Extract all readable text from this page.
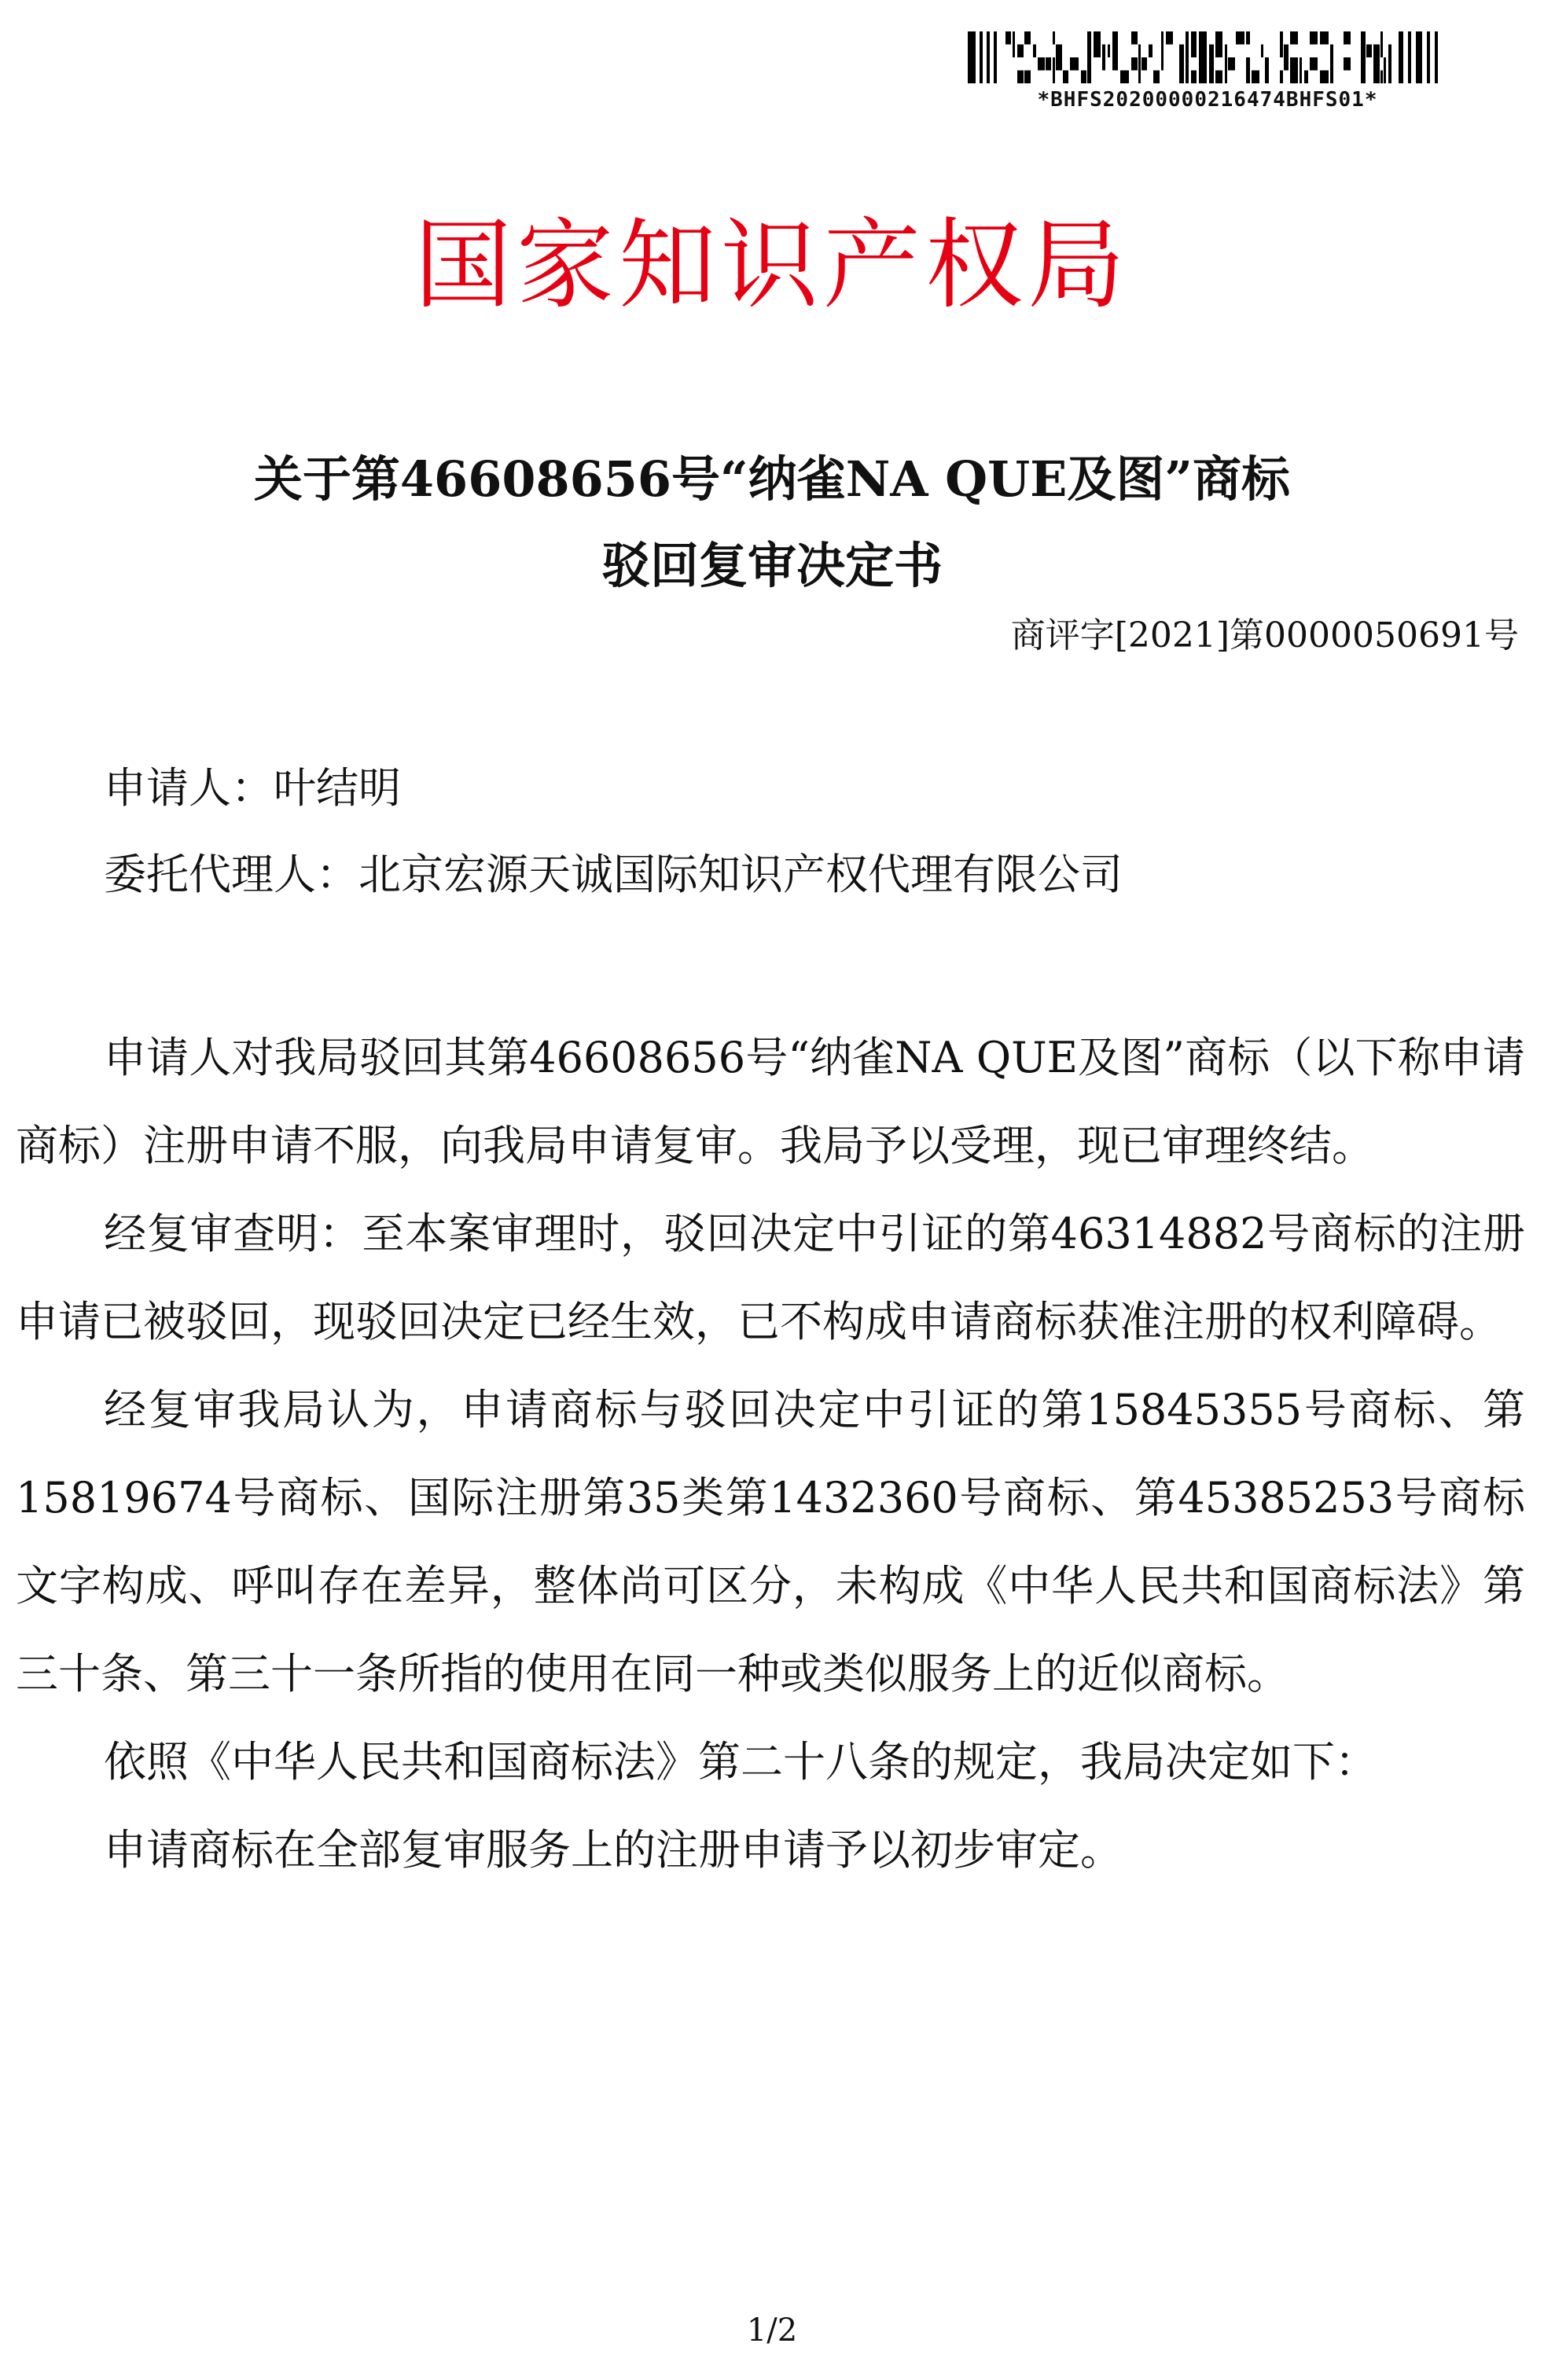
*BHFS20200000216474BHFS01*
国家知识产权局
关于第46608656号“纳雀NA QUE及图”商标
驳回复审决定书
商评字[2021]第0000050691号
申请人：叶结明
委托代理人：北京宏源天诚国际知识产权代理有限公司

申请人对我局驳回其第46608656号“纳雀NA QUE及图”商标（以下称申请商标）注册申请不服，向我局申请复审。我局予以受理，现已审理终结。

经复审查明：至本案审理时，驳回决定中引证的第46314882号商标的注册申请已被驳回，现驳回决定已经生效，已不构成申请商标获准注册的权利障碍。

经复审我局认为，申请商标与驳回决定中引证的第15845355号商标、第15819674号商标、国际注册第35类第1432360号商标、第45385253号商标文字构成、呼叫存在差异，整体尚可区分，未构成《中华人民共和国商标法》第三十条、第三十一条所指的使用在同一种或类似服务上的近似商标。

依照《中华人民共和国商标法》第二十八条的规定，我局决定如下：

申请商标在全部复审服务上的注册申请予以初步审定。

1/2
